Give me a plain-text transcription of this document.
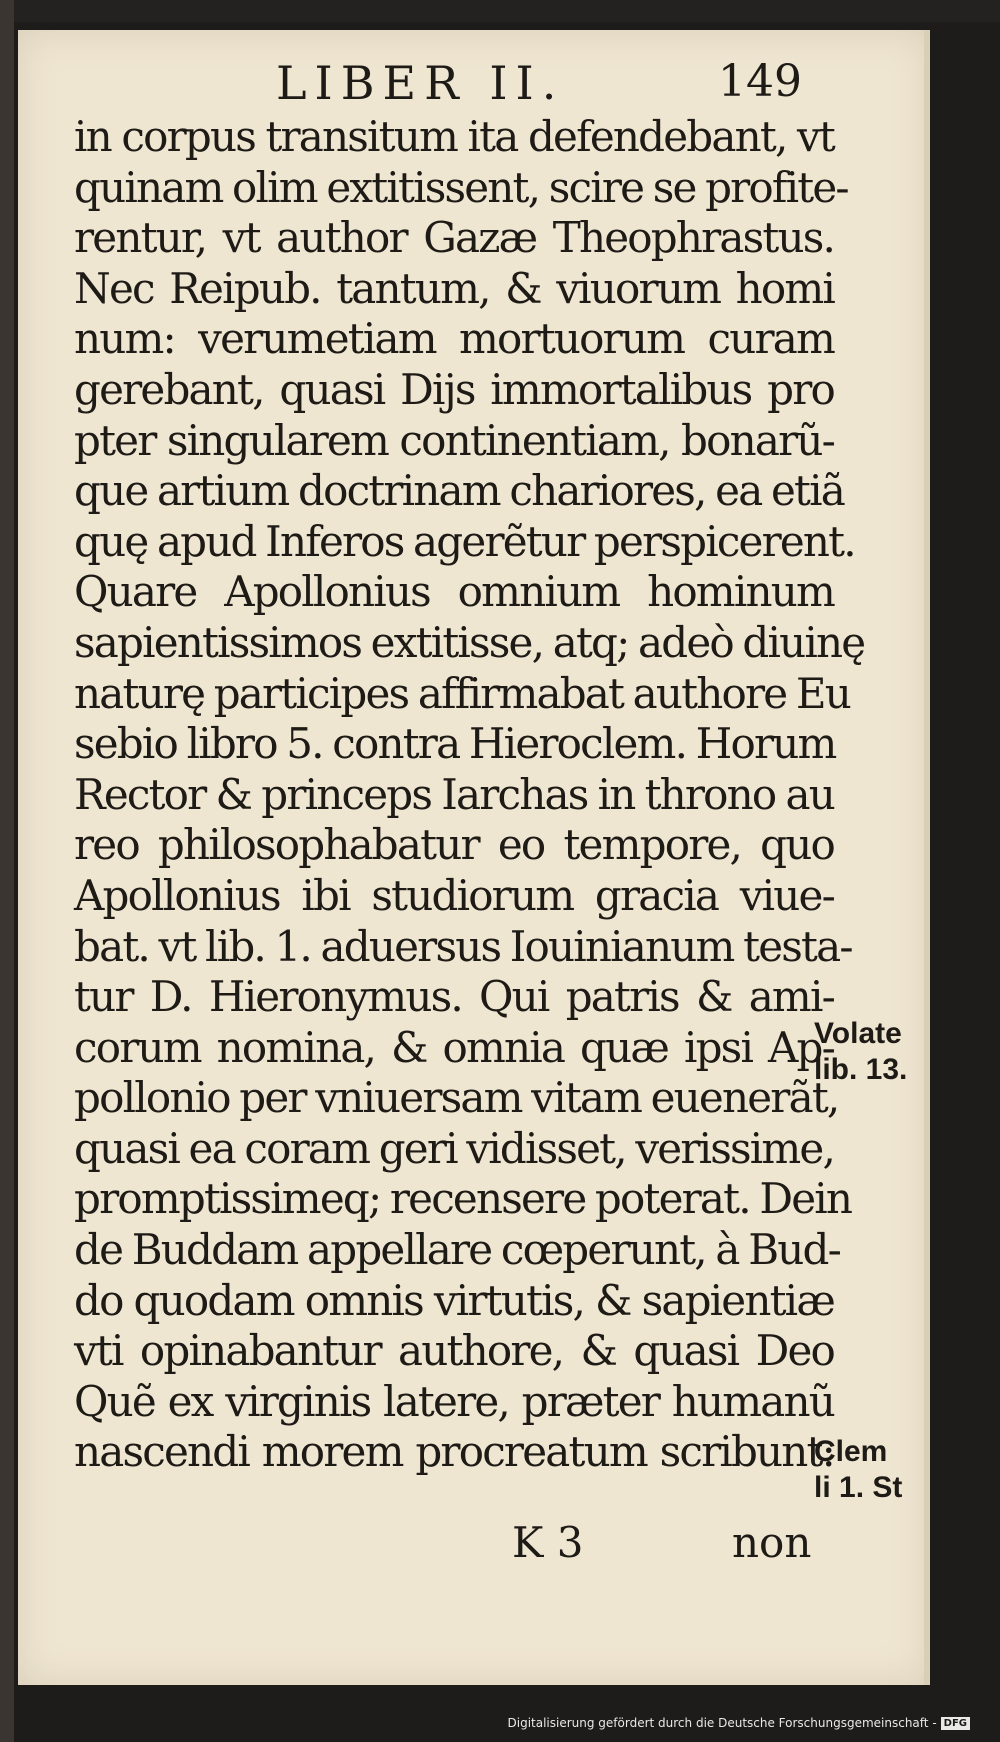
LIBER II.	149
in corpus transitum ita defendebant, vt
quinam olim extitissent, scire se profite-
rentur, vt author Gazæ Theophrastus.
Nec Reipub. tantum, & viuorum homi
num: verumetiam mortuorum curam
gerebant, quasi Dijs immortalibus pro
pter singularem continentiam, bonarũ-
que artium doctrinam chariores, ea etiã
quę apud Inferos agerẽtur perspicerent.
Quare Apollonius omnium hominum
sapientissimos extitisse, atq; adeò diuinę
naturę participes affirmabat authore Eu
sebio libro 5. contra Hieroclem. Horum
Rector & princeps Iarchas in throno au
reo philosophabatur eo tempore, quo
Apollonius ibi studiorum gracia viue-
bat. vt lib. 1. aduersus Iouinianum testa-
tur D. Hieronymus. Qui patris & ami-
corum nomina, & omnia quæ ipsi Ap-
pollonio per vniuersam vitam euenerãt,
quasi ea coram geri vidisset, verissime,
promptissimeq; recensere poterat. Dein
de Buddam appellare cœperunt, à Bud-
do quodam omnis virtutis, & sapientiæ
vti opinabantur authore, & quasi Deo
Quẽ ex virginis latere, præter humanũ
nascendi morem procreatum scribunt:
K 3	non
Volate
lib. 13.
Clem
li 1. St
Digitalisierung gefördert durch die Deutsche Forschungsgemeinschaft - DFG
